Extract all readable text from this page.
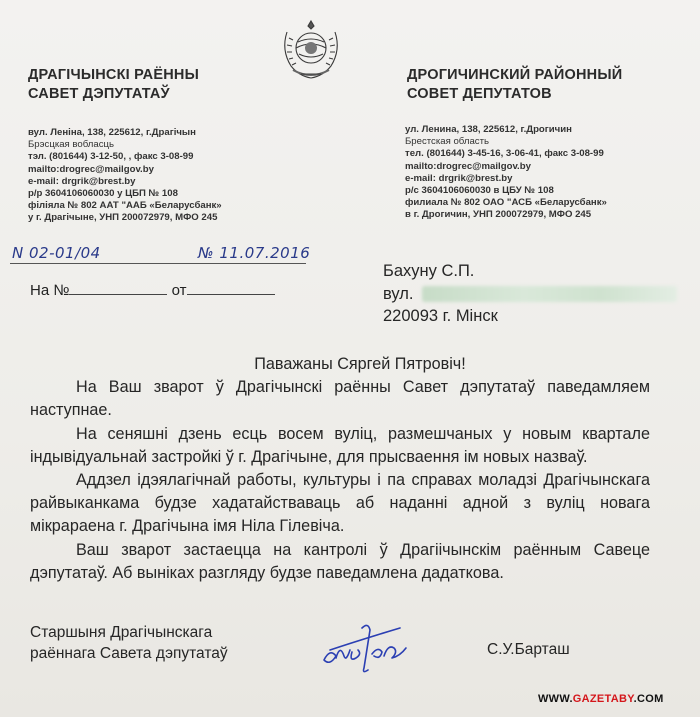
ДРАГІЧЫНСКІ РАЁННЫ
САВЕТ ДЭПУТАТАЎ
ДРОГИЧИНСКИЙ РАЙОННЫЙ
СОВЕТ ДЕПУТАТОВ
вул. Леніна, 138, 225612, г.Драгічын
Брэсцкая вобласць
тэл. (801644) 3-12-50, , факс 3-08-99
mailto:drogrec@mailgov.by
e-mail: drgrik@brest.by
р/р 3604106060030 у ЦБП № 108
філіяла № 802 ААТ "ААБ «Беларусбанк»
у г. Драгічыне, УНП 200072979, МФО 245
ул. Ленина, 138, 225612, г.Дрогичин
Брестская область
тел. (801644) 3-45-16, 3-06-41, факс 3-08-99
mailto:drogrec@mailgov.by
e-mail: drgrik@brest.by
р/с 3604106060030 в ЦБУ № 108
филиала № 802 ОАО "АСБ «Беларусбанк»
в г. Дрогичин, УНП 200072979, МФО 245
N 02-01/04	№ 11.07.2016
На №	от
Бахуну С.П.
вул.
220093 г. Мінск

Паважаны Сяргей Пятровіч!

На Ваш зварот ў Драгічынскі раённы Савет дэпутатаў паведамляем наступнае.

На сеняшні дзень есць восем вуліц, размешчаных у новым квартале індывідуальнай застройкі ў г. Драгічыне, для прысваення ім новых назваў.

Аддзел ідэялагічнай работы, культуры і па справах моладзі Драгічынскага райвыканкама будзе хадатайстваваць аб наданні адной з вуліц новага мікрараена г. Драгічына імя Ніла Гілевіча.

Ваш зварот застаецца на кантролі ў Драгіічынскім раённым Савеце дэпутатаў. Аб выніках разгляду будзе паведамлена дадаткова.

Старшыня Драгічынскага
раённага Савета дэпутатаў	С.У.Барташ
WWW.GAZETABY.COM
